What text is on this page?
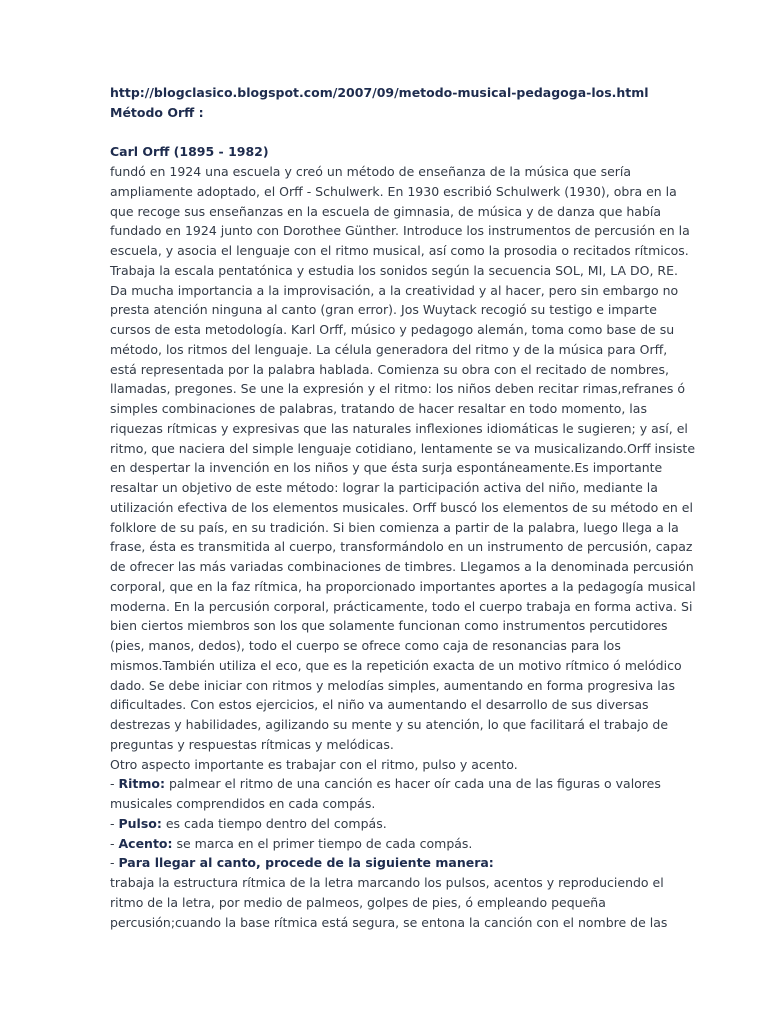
http://blogclasico.blogspot.com/2007/09/metodo-musical-pedagoga-los.html
Método Orff :
Carl Orff (1895 - 1982)
fundó en 1924 una escuela y creó un método de enseñanza de la música que sería
ampliamente adoptado, el Orff - Schulwerk. En 1930 escribió Schulwerk (1930), obra en la
que recoge sus enseñanzas en la escuela de gimnasia, de música y de danza que había
fundado en 1924 junto con Dorothee Günther. Introduce los instrumentos de percusión en la
escuela, y asocia el lenguaje con el ritmo musical, así como la prosodia o recitados rítmicos.
Trabaja la escala pentatónica y estudia los sonidos según la secuencia SOL, MI, LA DO, RE.
Da mucha importancia a la improvisación, a la creatividad y al hacer, pero sin embargo no
presta atención ninguna al canto (gran error). Jos Wuytack recogió su testigo e imparte
cursos de esta metodología. Karl Orff, músico y pedagogo alemán, toma como base de su
método, los ritmos del lenguaje. La célula generadora del ritmo y de la música para Orff,
está representada por la palabra hablada. Comienza su obra con el recitado de nombres,
llamadas, pregones. Se une la expresión y el ritmo: los niños deben recitar rimas,refranes ó
simples combinaciones de palabras, tratando de hacer resaltar en todo momento, las
riquezas rítmicas y expresivas que las naturales inflexiones idiomáticas le sugieren; y así, el
ritmo, que naciera del simple lenguaje cotidiano, lentamente se va musicalizando.Orff insiste
en despertar la invención en los niños y que ésta surja espontáneamente.Es importante
resaltar un objetivo de este método: lograr la participación activa del niño, mediante la
utilización efectiva de los elementos musicales. Orff buscó los elementos de su método en el
folklore de su país, en su tradición. Si bien comienza a partir de la palabra, luego llega a la
frase, ésta es transmitida al cuerpo, transformándolo en un instrumento de percusión, capaz
de ofrecer las más variadas combinaciones de timbres. Llegamos a la denominada percusión
corporal, que en la faz rítmica, ha proporcionado importantes aportes a la pedagogía musical
moderna. En la percusión corporal, prácticamente, todo el cuerpo trabaja en forma activa. Si
bien ciertos miembros son los que solamente funcionan como instrumentos percutidores
(pies, manos, dedos), todo el cuerpo se ofrece como caja de resonancias para los
mismos.También utiliza el eco, que es la repetición exacta de un motivo rítmico ó melódico
dado. Se debe iniciar con ritmos y melodías simples, aumentando en forma progresiva las
dificultades. Con estos ejercicios, el niño va aumentando el desarrollo de sus diversas
destrezas y habilidades, agilizando su mente y su atención, lo que facilitará el trabajo de
preguntas y respuestas rítmicas y melódicas.
Otro aspecto importante es trabajar con el ritmo, pulso y acento.
- Ritmo: palmear el ritmo de una canción es hacer oír cada una de las figuras o valores
musicales comprendidos en cada compás.
- Pulso: es cada tiempo dentro del compás.
- Acento: se marca en el primer tiempo de cada compás.
- Para llegar al canto, procede de la siguiente manera:
trabaja la estructura rítmica de la letra marcando los pulsos, acentos y reproduciendo el
ritmo de la letra, por medio de palmeos, golpes de pies, ó empleando pequeña
percusión;cuando la base rítmica está segura, se entona la canción con el nombre de las
